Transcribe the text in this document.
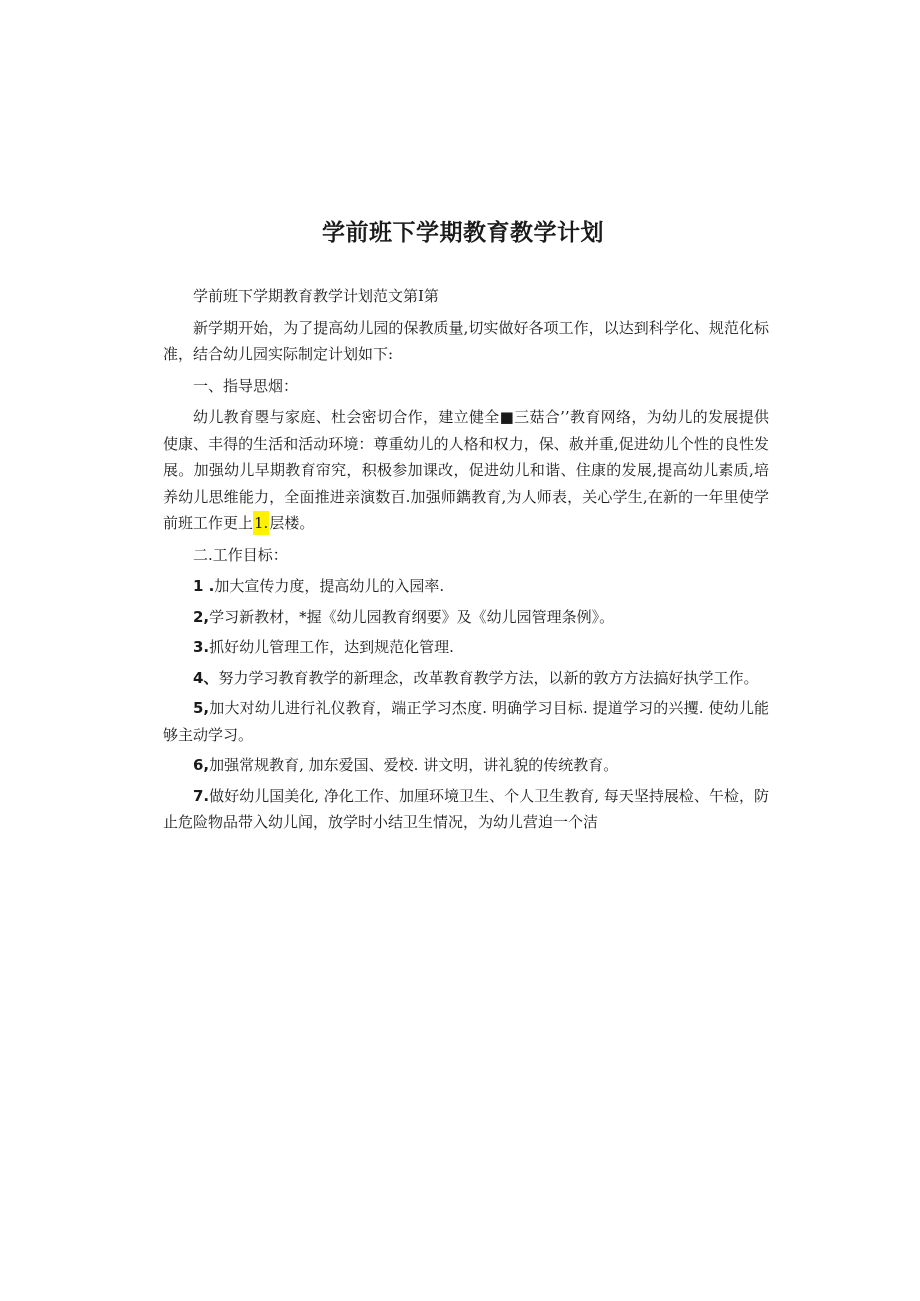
学前班下学期教育教学计划

学前班下学期教育教学计划范文第I第

新学期开始，为了提高幼儿园的保教质量,切实做好各项工作，以达到科学化、规范化标准，结合幼儿园实际制定计划如下:

一、指导思烟：

幼儿教育瞾与家庭、杜会密切合作，建立健全■三菇合’’教育网络，为幼儿的发展提供使康、丰得的生活和活动环境：尊重幼儿的人格和权力，保、赦并重,促进幼儿个性的良性发展。加强幼儿早期教育帘究，积极参加课改，促进幼儿和谐、住康的发展,提高幼儿素质,培养幼儿思维能力，全面推进亲演数百.加强师鐫教育,为人师表，关心学生,在新的一年里使学前班工作更上1.层楼。

二.工作目标：

1 .加大宣传力度，提高幼儿的入园率.

2,学习新教材，*握《幼儿园教育纲要》及《幼儿园管理条例》。

3.抓好幼儿管理工作，达到规范化管理.

4、努力学习教育教学的新理念，改革教育教学方法，以新的敦方方法搞好执学工作。

5,加大对幼儿进行礼仪教育，端正学习杰度. 明确学习目标. 提道学习的兴攫. 使幼儿能够主动学习。

6,加强常规教育, 加东爱国、爱校. 讲文明，讲礼貌的传统教育。

7.做好幼儿国美化, 净化工作、加厘环境卫生、个人卫生教育, 每天坚持展检、午检，防止危险物品带入幼儿闻，放学时小结卫生情况，为幼儿营迫一个洁
